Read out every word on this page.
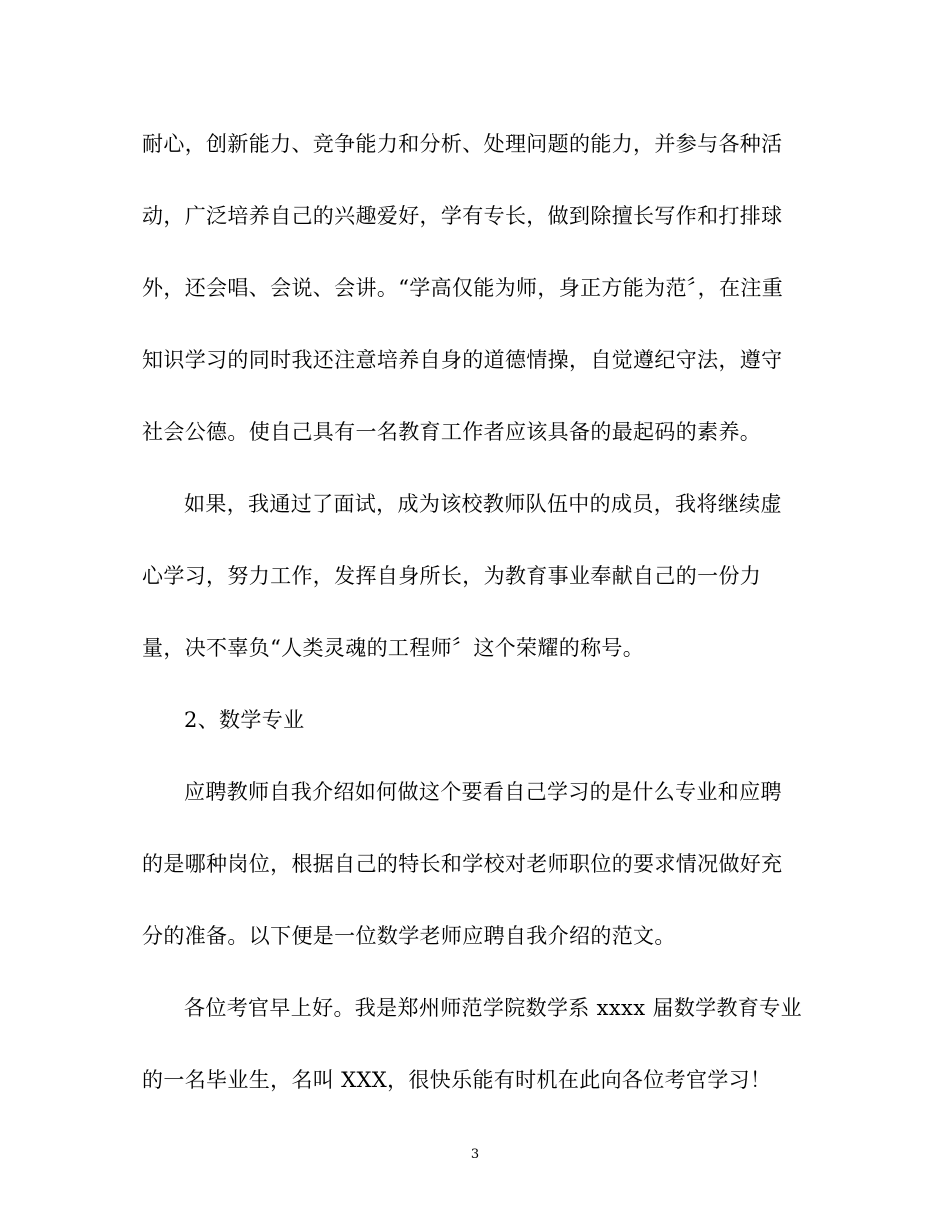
耐心，创新能力、竞争能力和分析、处理问题的能力，并参与各种活
动，广泛培养自己的兴趣爱好，学有专长，做到除擅长写作和打排球
外，还会唱、会说、会讲。“学高仅能为师，身正方能为范〞，在注重
知识学习的同时我还注意培养自身的道德情操，自觉遵纪守法，遵守
社会公德。使自己具有一名教育工作者应该具备的最起码的素养。
如果，我通过了面试，成为该校教师队伍中的成员，我将继续虚
心学习，努力工作，发挥自身所长，为教育事业奉献自己的一份力
量，决不辜负“人类灵魂的工程师〞这个荣耀的称号。
2、数学专业
应聘教师自我介绍如何做这个要看自己学习的是什么专业和应聘
的是哪种岗位，根据自己的特长和学校对老师职位的要求情况做好充
分的准备。以下便是一位数学老师应聘自我介绍的范文。
各位考官早上好。我是郑州师范学院数学系 xxxx 届数学教育专业
的一名毕业生，名叫 XXX，很快乐能有时机在此向各位考官学习！
3
